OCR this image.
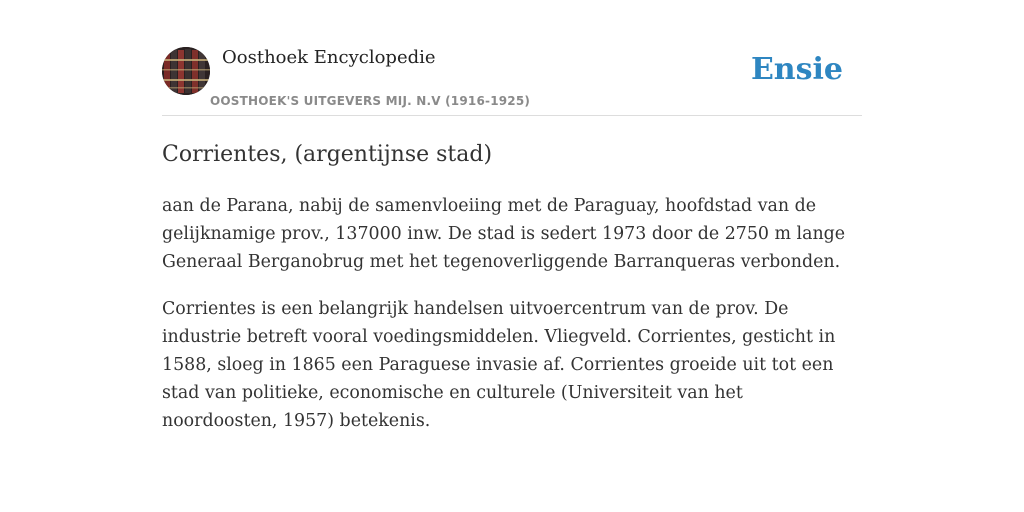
Oosthoek Encyclopedie
OOSTHOEK'S UITGEVERS MIJ. N.V (1916-1925)
Ensie
Corrientes, (argentijnse stad)

aan de Parana, nabij de samenvloeiing met de Paraguay, hoofdstad van de gelijknamige prov., 137000 inw. De stad is sedert 1973 door de 2750 m lange Generaal Berganobrug met het tegenoverliggende Barranqueras verbonden.

Corrientes is een belangrijk handelsen uitvoercentrum van de prov. De industrie betreft vooral voedingsmiddelen. Vliegveld. Corrientes, gesticht in 1588, sloeg in 1865 een Paraguese invasie af. Corrientes groeide uit tot een stad van politieke, economische en culturele (Universiteit van het noordoosten, 1957) betekenis.
